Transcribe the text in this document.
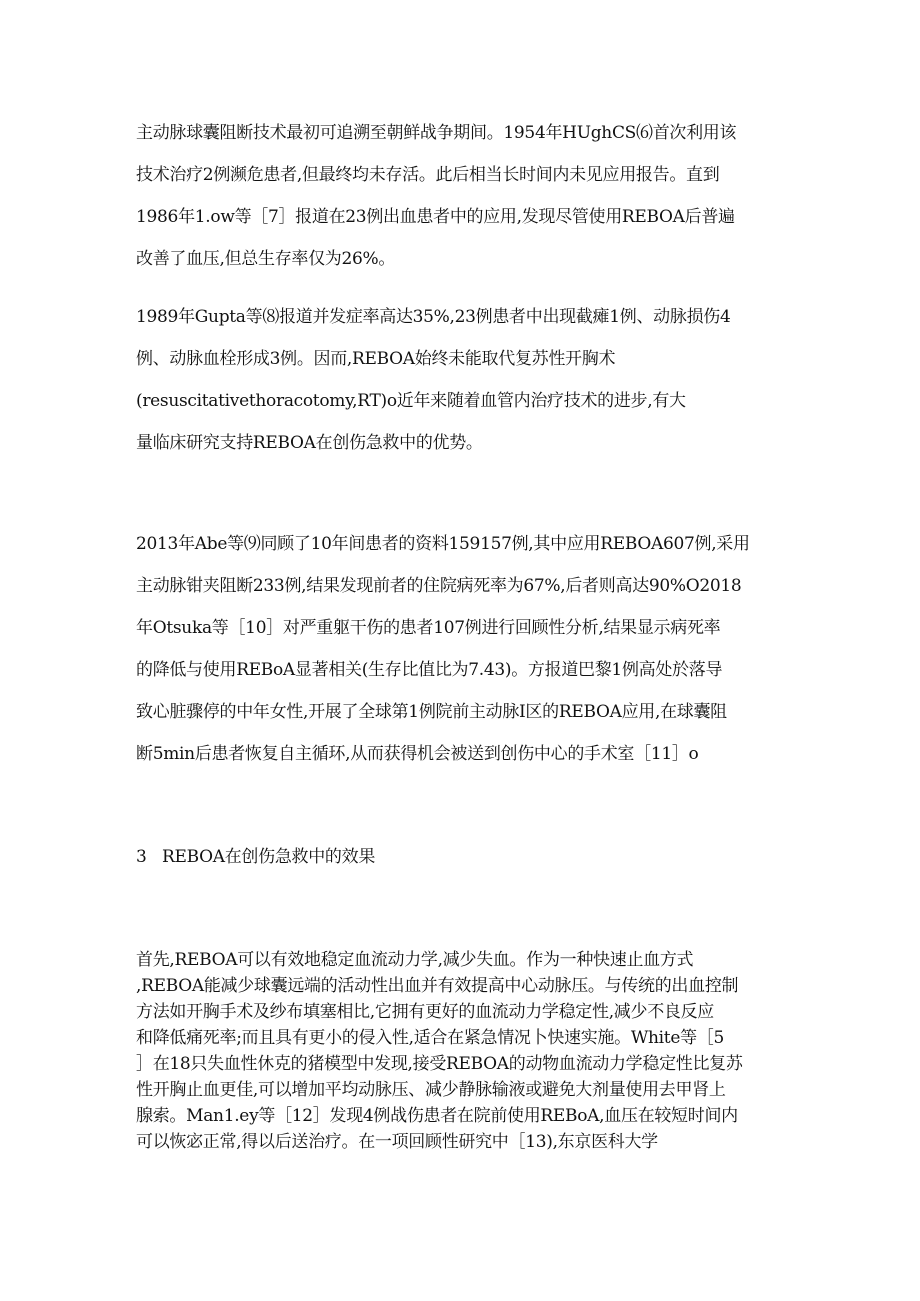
主动脉球囊阻断技术最初可追溯至朝鲜战争期间。1954年HUghCS⑹首次利用该
技术治疗2例濒危患者,但最终均未存活。此后相当长时间内未见应用报告。直到
1986年1.ow等［7］报道在23例出血患者中的应用,发现尽管使用REBOA后普遍
改善了血压,但总生存率仅为26%。
1989年Gupta等⑻报道并发症率高达35%,23例患者中出现截瘫1例、动脉损伤4
例、动脉血栓形成3例。因而,REBOA始终未能取代复苏性开胸术
(resuscitativethoracotomy,RT)o近年来随着血管内治疗技术的进步,有大
量临床研究支持REBOA在创伤急救中的优势。
2013年Abe等⑼同顾了10年间患者的资料159157例,其中应用REBOA607例,采用
主动脉钳夹阻断233例,结果发现前者的住院病死率为67%,后者则高达90%O2018
年Otsuka等［10］对严重躯干伤的患者107例进行回顾性分析,结果显示病死率
的降低与使用REBoA显著相关(生存比值比为7.43)。方报道巴黎1例高处於落导
致心脏骤停的中年女性,开展了全球第1例院前主动脉I区的REBOA应用,在球囊阻
断5min后患者恢复自主循环,从而获得机会被送到创伤中心的手术室［11］o
3 REBOA在创伤急救中的效果
首先,REBOA可以有效地稳定血流动力学,减少失血。作为一种快速止血方式
,REBOA能减少球囊远端的活动性出血并有效提高中心动脉压。与传统的出血控制
方法如开胸手术及纱布填塞相比,它拥有更好的血流动力学稳定性,减少不良反应
和降低痛死率;而且具有更小的侵入性,适合在紧急情况卜快速实施。White等［5
］在18只失血性休克的猪模型中发现,接受REBOA的动物血流动力学稳定性比复苏
性开胸止血更佳,可以增加平均动脉压、减少静脉输液或避免大剂量使用去甲肾上
腺索。Man1.ey等［12］发现4例战伤患者在院前使用REBoA,血压在较短时间内
可以恢宓正常,得以后送治疗。在一项回顾性研究中［13),东京医科大学
